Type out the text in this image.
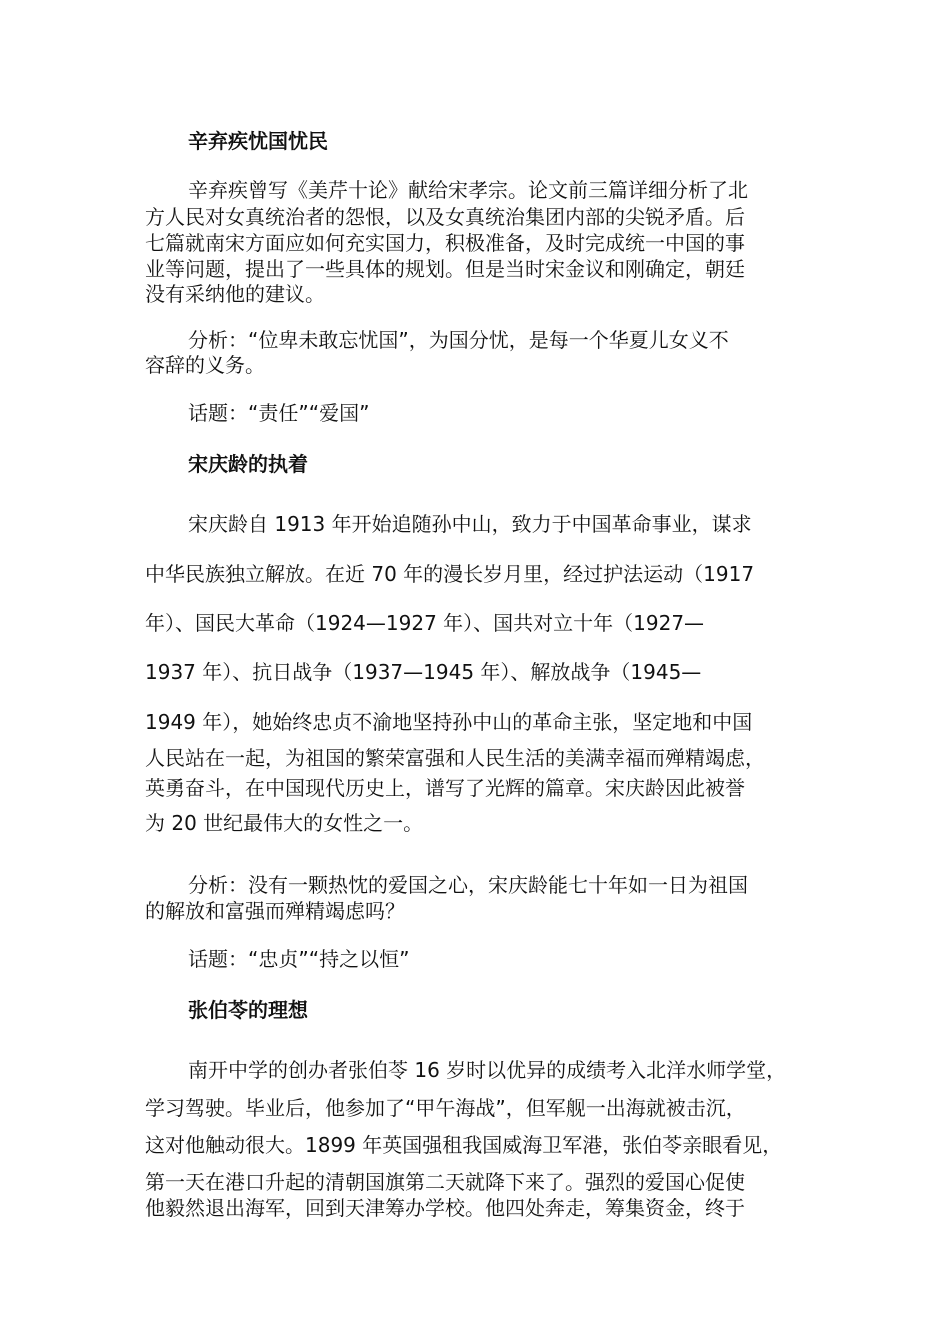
辛弃疾忧国忧民

辛弃疾曾写《美芹十论》献给宋孝宗。论文前三篇详细分析了北

方人民对女真统治者的怨恨，以及女真统治集团内部的尖锐矛盾。后

七篇就南宋方面应如何充实国力，积极准备，及时完成统一中国的事

业等问题，提出了一些具体的规划。但是当时宋金议和刚确定，朝廷

没有采纳他的建议。

分析：“位卑未敢忘忧国”，为国分忧，是每一个华夏儿女义不

容辞的义务。

话题：“责任”“爱国”

宋庆龄的执着

宋庆龄自 1913 年开始追随孙中山，致力于中国革命事业，谋求

中华民族独立解放。在近 70 年的漫长岁月里，经过护法运动（1917

年）、国民大革命（1924—1927 年）、国共对立十年（1927—

1937 年）、抗日战争（1937—1945 年）、解放战争（1945—

1949 年），她始终忠贞不渝地坚持孙中山的革命主张，坚定地和中国

人民站在一起，为祖国的繁荣富强和人民生活的美满幸福而殚精竭虑，

英勇奋斗，在中国现代历史上，谱写了光辉的篇章。宋庆龄因此被誉

为 20 世纪最伟大的女性之一。

分析：没有一颗热忱的爱国之心，宋庆龄能七十年如一日为祖国

的解放和富强而殚精竭虑吗？

话题：“忠贞”“持之以恒”

张伯苓的理想

南开中学的创办者张伯苓 16 岁时以优异的成绩考入北洋水师学堂，

学习驾驶。毕业后，他参加了“甲午海战”，但军舰一出海就被击沉，

这对他触动很大。1899 年英国强租我国威海卫军港，张伯苓亲眼看见，

第一天在港口升起的清朝国旗第二天就降下来了。强烈的爱国心促使

他毅然退出海军，回到天津筹办学校。他四处奔走，筹集资金，终于
